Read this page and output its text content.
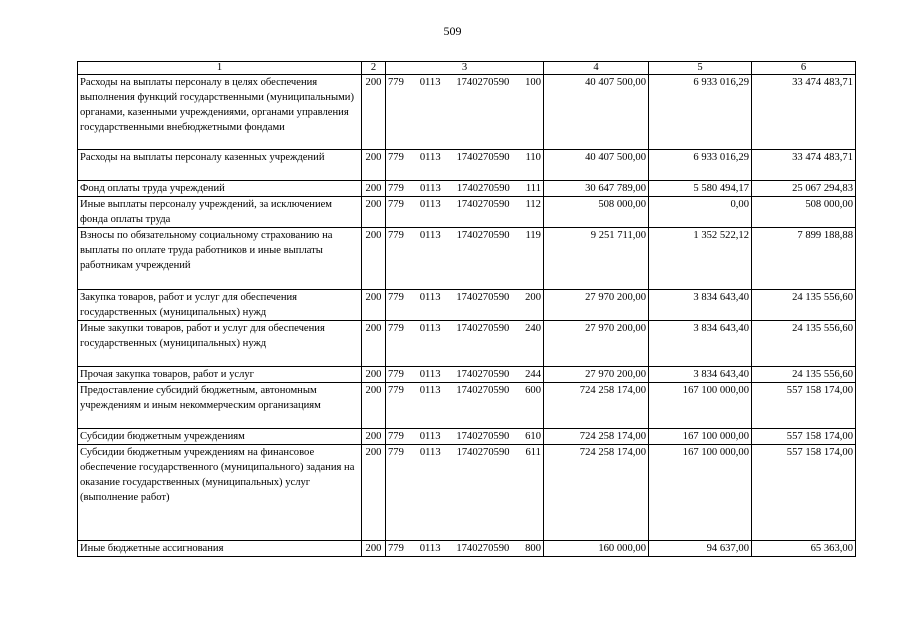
509
1	2	3	4	5	6

Расходы на выплаты персоналу в целях обеспечения выполнения функций государственными (муниципальными) органами, казенными учреждениями, органами управления государственными внебюджетными фондами	200	779 0113 1740270590 100	40 407 500,00	6 933 016,29	33 474 483,71

Расходы на выплаты персоналу казенных учреждений	200	779 0113 1740270590 110	40 407 500,00	6 933 016,29	33 474 483,71

Фонд оплаты труда учреждений	200	779 0113 1740270590 111	30 647 789,00	5 580 494,17	25 067 294,83

Иные выплаты персоналу учреждений, за исключением фонда оплаты труда	200	779 0113 1740270590 112	508 000,00	0,00	508 000,00

Взносы по обязательному социальному страхованию на выплаты по оплате труда работников и иные выплаты работникам учреждений	200	779 0113 1740270590 119	9 251 711,00	1 352 522,12	7 899 188,88

Закупка товаров, работ и услуг для обеспечения государственных (муниципальных) нужд	200	779 0113 1740270590 200	27 970 200,00	3 834 643,40	24 135 556,60

Иные закупки товаров, работ и услуг для обеспечения государственных (муниципальных) нужд	200	779 0113 1740270590 240	27 970 200,00	3 834 643,40	24 135 556,60

Прочая закупка товаров, работ и услуг	200	779 0113 1740270590 244	27 970 200,00	3 834 643,40	24 135 556,60

Предоставление субсидий бюджетным, автономным учреждениям и иным некоммерческим организациям	200	779 0113 1740270590 600	724 258 174,00	167 100 000,00	557 158 174,00

Субсидии бюджетным учреждениям	200	779 0113 1740270590 610	724 258 174,00	167 100 000,00	557 158 174,00

Субсидии бюджетным учреждениям на финансовое обеспечение государственного (муниципального) задания на оказание государственных (муниципальных) услуг (выполнение работ)	200	779 0113 1740270590 611	724 258 174,00	167 100 000,00	557 158 174,00

Иные бюджетные ассигнования	200	779 0113 1740270590 800	160 000,00	94 637,00	65 363,00
